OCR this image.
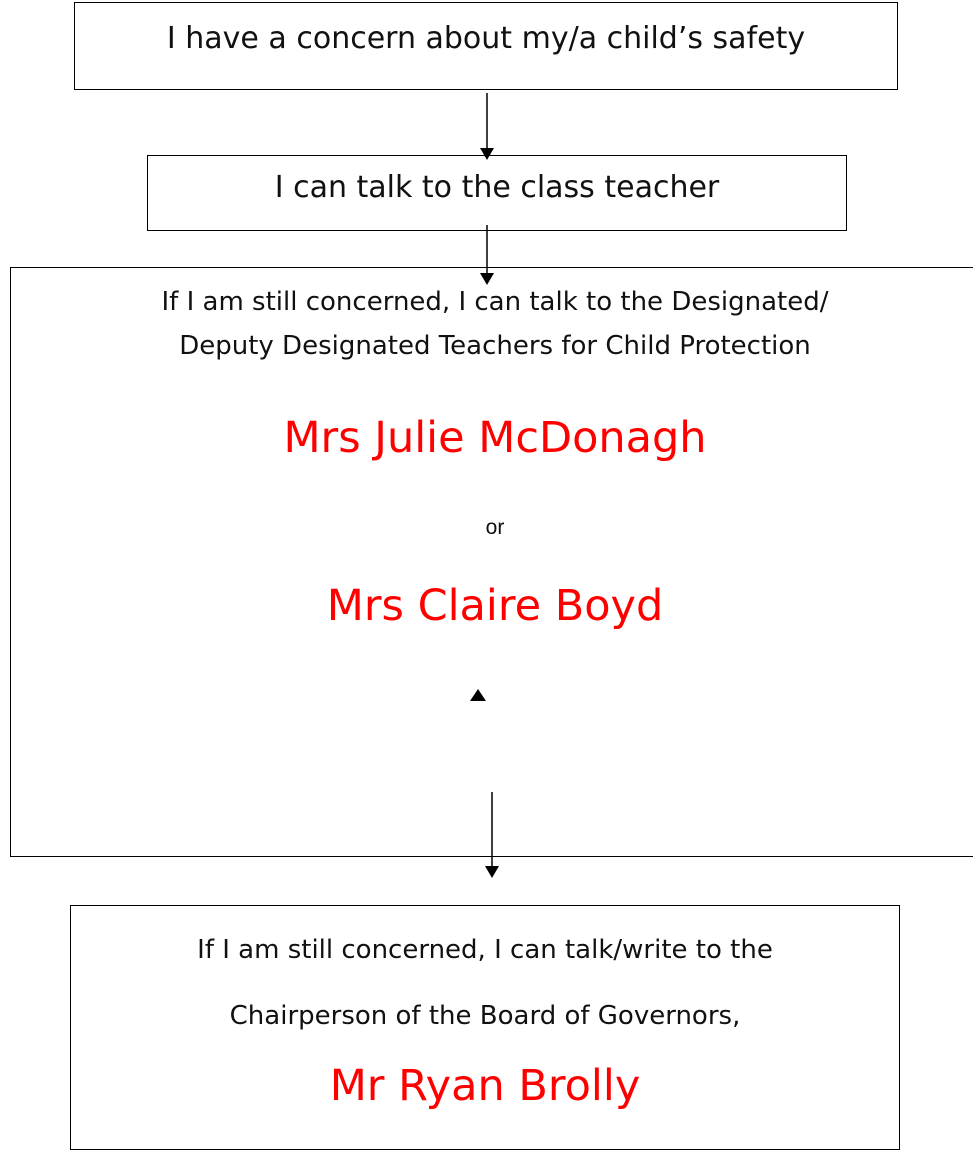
I have a concern about my/a child’s safety
I can talk to the class teacher
If I am still concerned, I can talk to the Designated/
Deputy Designated Teachers for Child Protection
Mrs Julie McDonagh
or
Mrs Claire Boyd
If I am still concerned, I can talk/write to the
Chairperson of the Board of Governors,
Mr Ryan Brolly
